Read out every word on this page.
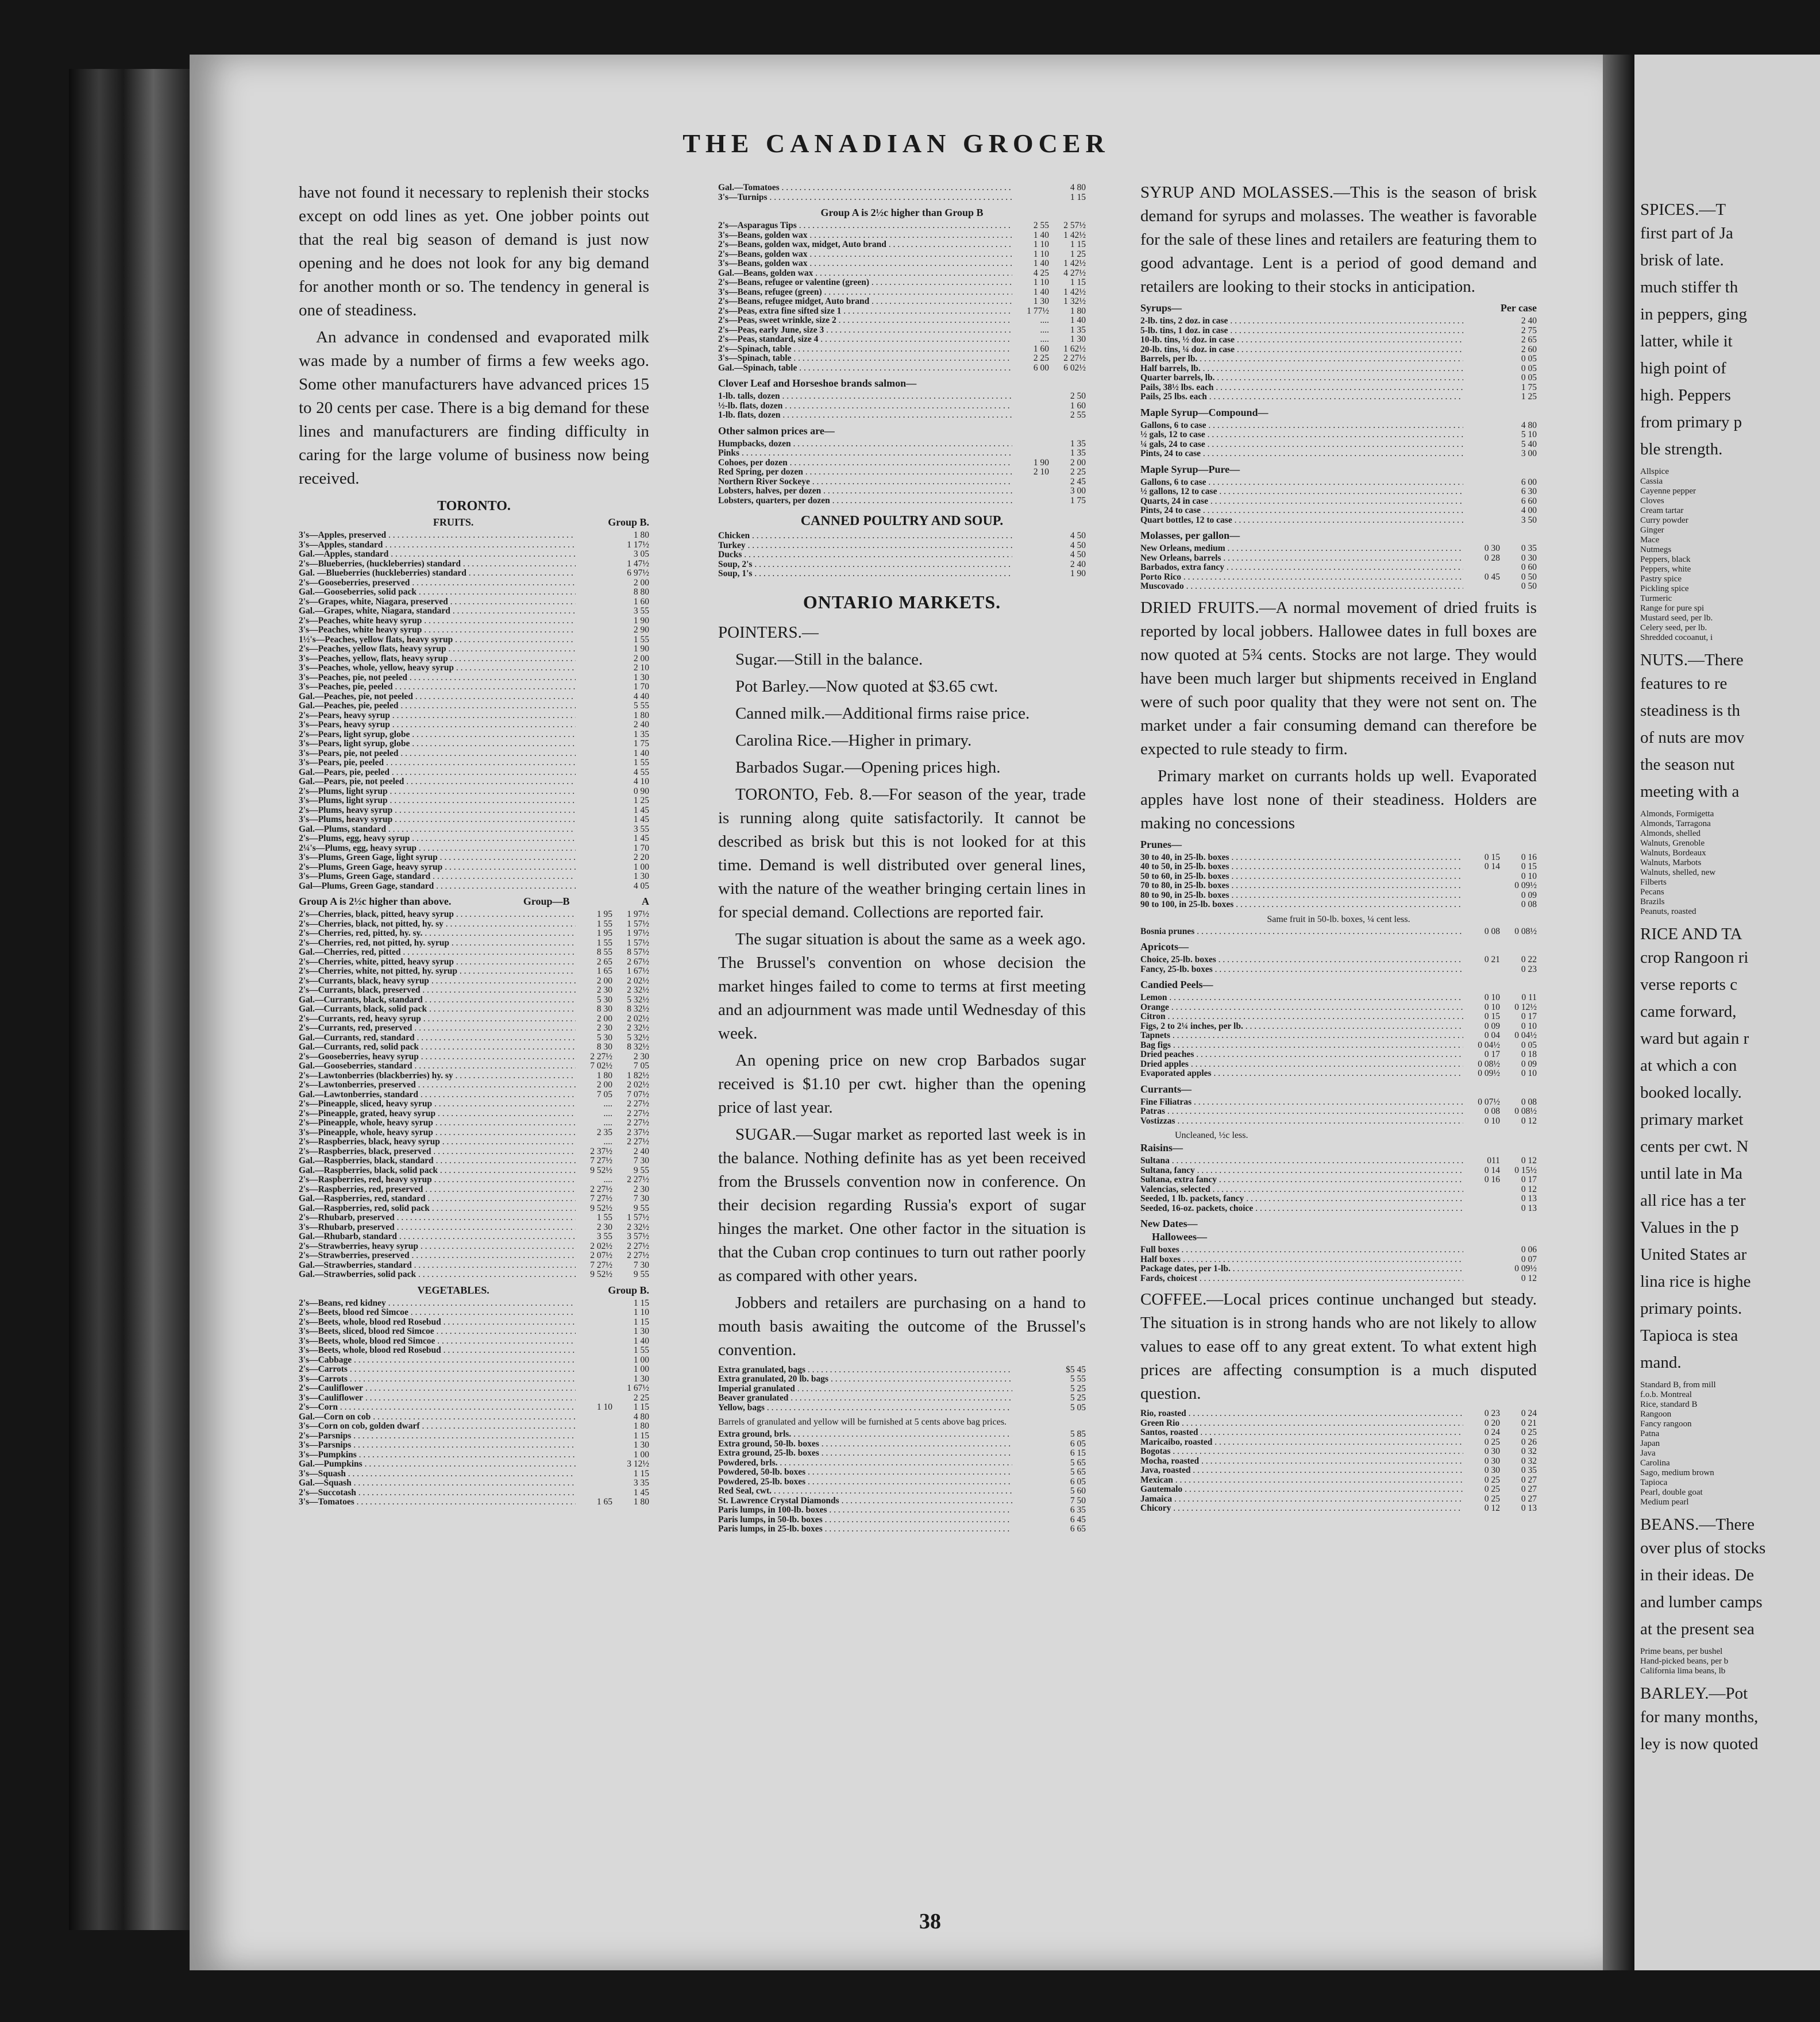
THE CANADIAN GROCER

have not found it necessary to replenish their stocks except on odd lines as yet. One jobber points out that the real big season of demand is just now opening and he does not look for any big demand for another month or so. The tendency in general is one of steadiness.

An advance in condensed and evaporated milk was made by a number of firms a few weeks ago. Some other manufacturers have advanced prices 15 to 20 cents per case. There is a big demand for these lines and manufacturers are finding difficulty in caring for the large volume of business now being received.

TORONTO.
FRUITS.	Group B.
3's—Apples, preserved . . .		1 80
3's—Apples, standard . . .		1 17½
Gal.—Apples, standard . . .		3 05
2's—Blueberries, (huckleberries) standard . . .		1 47½
Gal. —Blueberries (huckleberries) standard . . .		6 97½
2's—Gooseberries, preserved . . .		2 00
Gal.—Gooseberries, solid pack . . .		8 80
2's—Grapes, white, Niagara, preserved . . .		1 60
Gal.—Grapes, white, Niagara, standard . . .		3 55
2's—Peaches, white heavy syrup . . .		1 90
3's—Peaches, white heavy syrup . . .		2 90
1½'s—Peaches, yellow flats, heavy syrup . . .		1 55
2's—Peaches, yellow flats, heavy syrup . . .		1 90
3's—Peaches, yellow, flats, heavy syrup . . .		2 00
3's—Peaches, whole, yellow, heavy syrup . . .		2 10
3's—Peaches, pie, not peeled . . .		1 30
3's—Peaches, pie, peeled . . .		1 70
Gal.—Peaches, pie, not peeled . . .		4 40
Gal.—Peaches, pie, peeled . . .		5 55
2's—Pears, heavy syrup . . .		1 80
3's—Pears, heavy syrup . . .		2 40
2's—Pears, light syrup, globe . . .		1 35
3's—Pears, light syrup, globe . . .		1 75
3's—Pears, pie, not peeled . . .		1 40
3's—Pears, pie, peeled . . .		1 55
Gal.—Pears, pie, peeled . . .		4 55
Gal.—Pears, pie, not peeled . . .		4 10
2's—Plums, light syrup . . .		0 90
3's—Plums, light syrup . . .		1 25
2's—Plums, heavy syrup . . .		1 45
3's—Plums, heavy syrup . . .		1 45
Gal.—Plums, standard . . .		3 55
2's—Plums, egg, heavy syrup . . .		1 45
2¼'s—Plums, egg, heavy syrup . . .		1 70
3's—Plums, Green Gage, light syrup . . .		2 20
2's—Plums, Green Gage, heavy syrup . . .		1 00
3's—Plums, Green Gage, standard . . .		1 30
Gal—Plums, Green Gage, standard . . .		4 05
Group A is 2½c higher than above.	Group—B	A
2's—Cherries, black, pitted, heavy syrup . . .	1 95	1 97½
2's—Cherries, black, not pitted, hy. sy . . .	1 55	1 57½
2's—Cherries, red, pitted, hy. sy. . . .	1 95	1 97½
2's—Cherries, red, not pitted, hy. syrup . . .	1 55	1 57½
Gal.—Cherries, red, pitted . . .	8 55	8 57½
2's—Cherries, white, pitted, heavy syrup . . .	2 65	2 67½
2's—Cherries, white, not pitted, hy. syrup . . .	1 65	1 67½
2's—Currants, black, heavy syrup . . .	2 00	2 02½
2's—Currants, black, preserved . . .	2 30	2 32½
Gal.—Currants, black, standard . . .	5 30	5 32½
Gal.—Currants, black, solid pack . . .	8 30	8 32½
2's—Currants, red, heavy syrup . . .	2 00	2 02½
2's—Currants, red, preserved . . .	2 30	2 32½
Gal.—Currants, red, standard . . .	5 30	5 32½
Gal.—Currants, red, solid pack . . .	8 30	8 32½
2's—Gooseberries, heavy syrup . . .	2 27½	2 30
Gal.—Gooseberries, standard . . .	7 02½	7 05
2's—Lawtonberries (blackberries) hy. sy . . .	1 80	1 82½
2's—Lawtonberries, preserved . . .	2 00	2 02½
Gal.—Lawtonberries, standard . . .	7 05	7 07½
2's—Pineapple, sliced, heavy syrup . . .	....	2 27½
2's—Pineapple, grated, heavy syrup . . .	....	2 27½
2's—Pineapple, whole, heavy syrup . . .	....	2 27½
3's—Pineapple, whole, heavy syrup . . .	2 35	2 37½
2's—Raspberries, black, heavy syrup . . .	....	2 27½
2's—Raspberries, black, preserved . . .	2 37½	2 40
Gal.—Raspberries, black, standard . . .	7 27½	7 30
Gal.—Raspberries, black, solid pack . . .	9 52½	9 55
2's—Raspberries, red, heavy syrup . . .	....	2 27½
2's—Raspberries, red, preserved . . .	2 27½	2 30
Gal.—Raspberries, red, standard . . .	7 27½	7 30
Gal.—Raspberries, red, solid pack . . .	9 52½	9 55
2's—Rhubarb, preserved . . .	1 55	1 57½
3's—Rhubarb, preserved . . .	2 30	2 32½
Gal.—Rhubarb, standard . . .	3 55	3 57½
2's—Strawberries, heavy syrup . . .	2 02½	2 27½
2's—Strawberries, preserved . . .	2 07½	2 27½
Gal.—Strawberries, standard . . .	7 27½	7 30
Gal.—Strawberries, solid pack . . .	9 52½	9 55
VEGETABLES.	Group B.
2's—Beans, red kidney . . .		1 15
2's—Beets, blood red Simcoe . . .		1 10
2's—Beets, whole, blood red Rosebud . . .		1 15
3's—Beets, sliced, blood red Simcoe . . .		1 30
3's—Beets, whole, blood red Simcoe . . .		1 40
3's—Beets, whole, blood red Rosebud . . .		1 55
3's—Cabbage . . .		1 00
2's—Carrots . . .		1 00
3's—Carrots . . .		1 30
2's—Cauliflower . . .		1 67½
3's—Cauliflower . . .		2 25
2's—Corn . . .	1 10	1 15
Gal.—Corn on cob . . .		4 80
3's—Corn on cob, golden dwarf . . .		1 80
2's—Parsnips . . .		1 15
3's—Parsnips . . .		1 30
3's—Pumpkins . . .		1 00
Gal.—Pumpkins . . .		3 12½
3's—Squash . . .		1 15
Gal.—Squash . . .		3 35
2's—Succotash . . .		1 45
3's—Tomatoes . . .	1 65	1 80
Gal.—Tomatoes . . .		4 80
3's—Turnips . . .		1 15
Group A is 2½c higher than Group B
2's—Asparagus Tips . . .	2 55	2 57½
3's—Beans, golden wax . . .	1 40	1 42½
2's—Beans, golden wax, midget, Auto brand . . .	1 10	1 15
2's—Beans, golden wax . . .	1 10	1 25
3's—Beans, golden wax . . .	1 40	1 42½
Gal.—Beans, golden wax . . .	4 25	4 27½
2's—Beans, refugee or valentine (green) . . .	1 10	1 15
3's—Beans, refugee (green) . . .	1 40	1 42½
2's—Beans, refugee midget, Auto brand . . .	1 30	1 32½
2's—Peas, extra fine sifted size 1 . . .	1 77½	1 80
2's—Peas, sweet wrinkle, size 2 . . .	....	1 40
2's—Peas, early June, size 3 . . .	....	1 35
2's—Peas, standard, size 4 . . .	....	1 30
2's—Spinach, table . . .	1 60	1 62½
3's—Spinach, table . . .	2 25	2 27½
Gal.—Spinach, table . . .	6 00	6 02½
Clover Leaf and Horseshoe brands salmon—
1-lb. talls, dozen . . .		2 50
½-lb. flats, dozen . . .		1 60
1-lb. flats, dozen . . .		2 55
Other salmon prices are—
Humpbacks, dozen . . .		1 35
Pinks . . .		1 35
Cohoes, per dozen . . .	1 90	2 00
Red Spring, per dozen . . .	2 10	2 25
Northern River Sockeye . . .		2 45
Lobsters, halves, per dozen . . .		3 00
Lobsters, quarters, per dozen . . .		1 75
CANNED POULTRY AND SOUP.
Chicken . . .		4 50
Turkey . . .		4 50
Ducks . . .		4 50
Soup, 2's . . .		2 40
Soup, 1's . . .		1 90
ONTARIO MARKETS.
POINTERS.—

Sugar.—Still in the balance.

Pot Barley.—Now quoted at $3.65 cwt.

Canned milk.—Additional firms raise price.

Carolina Rice.—Higher in primary.

Barbados Sugar.—Opening prices high.

TORONTO, Feb. 8.—For season of the year, trade is running along quite satisfactorily. It cannot be described as brisk but this is not looked for at this time. Demand is well distributed over general lines, with the nature of the weather bringing certain lines in for special demand. Collections are reported fair.

The sugar situation is about the same as a week ago. The Brussel's convention on whose decision the market hinges failed to come to terms at first meeting and an adjournment was made until Wednesday of this week.

An opening price on new crop Barbados sugar received is $1.10 per cwt. higher than the opening price of last year.

SUGAR.—Sugar market as reported last week is in the balance. Nothing definite has as yet been received from the Brussels convention now in conference. On their decision regarding Russia's export of sugar hinges the market. One other factor in the situation is that the Cuban crop continues to turn out rather poorly as compared with other years.

Jobbers and retailers are purchasing on a hand to mouth basis awaiting the outcome of the Brussel's convention.

Extra granulated, bags . . .		$5 45
Extra granulated, 20 lb. bags . . .		5 55
Imperial granulated . . .		5 25
Beaver granulated . . .		5 25
Yellow, bags . . .		5 05
Barrels of granulated and yellow will be furnished at 5 cents above bag prices.
Extra ground, brls. . . .		5 85
Extra ground, 50-lb. boxes . . .		6 05
Extra ground, 25-lb. boxes . . .		6 15
Powdered, brls. . . .		5 65
Powdered, 50-lb. boxes . . .		5 65
Powdered, 25-lb. boxes . . .		6 05
Red Seal, cwt. . . .		5 60
St. Lawrence Crystal Diamonds . . .		7 50
Paris lumps, in 100-lb. boxes . . .		6 35
Paris lumps, in 50-lb. boxes . . .		6 45
Paris lumps, in 25-lb. boxes . . .		6 65

SYRUP AND MOLASSES.—This is the season of brisk demand for syrups and molasses. The weather is favorable for the sale of these lines and retailers are featuring them to good advantage. Lent is a period of good demand and retailers are looking to their stocks in anticipation.

Syrups—	Per case
2-lb. tins, 2 doz. in case . . .		2 40
5-lb. tins, 1 doz. in case . . .		2 75
10-lb. tins, ½ doz. in case . . .		2 65
20-lb. tins, ¼ doz. in case . . .		2 60
Barrels, per lb. . . .		0 05
Half barrels, lb. . . .		0 05
Quarter barrels, lb. . . .		0 05
Pails, 38½ lbs. each . . .		1 75
Pails, 25 lbs. each . . .		1 25
Maple Syrup—Compound—
Gallons, 6 to case . . .		4 80
½ gals, 12 to case . . .		5 10
¼ gals, 24 to case . . .		5 40
Pints, 24 to case . . .		3 00
Maple Syrup—Pure—
Gallons, 6 to case . . .		6 00
½ gallons, 12 to case . . .		6 30
Quarts, 24 in case . . .		6 60
Pints, 24 to case . . .		4 00
Quart bottles, 12 to case . . .		3 50
Molasses, per gallon—
New Orleans, medium . . .	0 30	0 35
New Orleans, barrels . . .	0 28	0 30
Barbados, extra fancy . . .		0 60
Porto Rico . . .	0 45	0 50
Muscovado . . .		0 50

DRIED FRUITS.—A normal movement of dried fruits is reported by local jobbers. Hallowee dates in full boxes are now quoted at 5¾ cents. Stocks are not large. They would have been much larger but shipments received in England were of such poor quality that they were not sent on. The market under a fair consuming demand can therefore be expected to rule steady to firm.

Primary market on currants holds up well. Evaporated apples have lost none of their steadiness. Holders are making no concessions

Prunes—
30 to 40, in 25-lb. boxes . . .	0 15	0 16
40 to 50, in 25-lb. boxes . . .	0 14	0 15
50 to 60, in 25-lb. boxes . . .		0 10
70 to 80, in 25-lb. boxes . . .		0 09½
80 to 90, in 25-lb. boxes . . .		0 09
90 to 100, in 25-lb. boxes . . .		0 08
Same fruit in 50-lb. boxes, ¼ cent less.
Bosnia prunes . . .	0 08	0 08½
Apricots—
Choice, 25-lb. boxes . . .	0 21	0 22
Fancy, 25-lb. boxes . . .		0 23
Candied Peels—
Lemon . . .	0 10	0 11
Orange . . .	0 10	0 12½
Citron . . .	0 15	0 17
Figs, 2 to 2¼ inches, per lb. . . .	0 09	0 10
Tapnets . . .	0 04	0 04½
Bag figs . . .	0 04½	0 05
Dried peaches . . .	0 17	0 18
Dried apples . . .	0 08½	0 09
Evaporated apples . . .	0 09½	0 10
Currants—
Fine Filiatras . . .	0 07½	0 08
Patras . . .	0 08	0 08½
Vostizzas . . .	0 10	0 12
Uncleaned, ½c less.
Raisins—
Sultana . . .	011	0 12
Sultana, fancy . . .	0 14	0 15½
Sultana, extra fancy . . .	0 16	0 17
Valencias, selected . . .		0 12
Seeded, 1 lb. packets, fancy . . .		0 13
Seeded, 16-oz. packets, choice . . .		0 13
New Dates—
Hallowees—
Full boxes . . .		0 06
Half boxes . . .		0 07
Package dates, per 1-lb. . . .		0 09½
Fards, choicest . . .		0 12

COFFEE.—Local prices continue unchanged but steady. The situation is in strong hands who are not likely to allow values to ease off to any great extent. To what extent high prices are affecting consumption is a much disputed question.

Rio, roasted . . .	0 23	0 24
Green Rio . . .	0 20	0 21
Santos, roasted . . .	0 24	0 25
Maricaibo, roasted . . .	0 25	0 26
Bogotas . . .	0 30	0 32
Mocha, roasted . . .	0 30	0 32
Java, roasted . . .	0 30	0 35
Mexican . . .	0 25	0 27
Gautemalo . . .	0 25	0 27
Jamaica . . .	0 25	0 27
Chicory . . .	0 12	0 13
38
SPICES.—T
first part of Ja
brisk of late.
much stiffer th
in peppers, ging
latter, while it
high point of
high. Peppers
from primary p
ble strength.
Allspice
Cassia
Cayenne pepper
Cloves
Cream tartar
Curry powder
Ginger
Mace
Nutmegs
Peppers, black
Peppers, white
Pastry spice
Pickling spice
Turmeric
Range for pure spi
Mustard seed, per lb.
Celery seed, per lb.
Shredded cocoanut, i
NUTS.—There
features to re
steadiness is th
of nuts are mov
the season nut
meeting with a
Almonds, Formigetta
Almonds, Tarragona
Almonds, shelled
Walnuts, Grenoble
Walnuts, Bordeaux
Walnuts, Marbots
Walnuts, shelled, new
Filberts
Pecans
Brazils
Peanuts, roasted
RICE AND TA
crop Rangoon ri
verse reports c
came forward,
ward but again r
at which a con
booked locally.
primary market
cents per cwt. N
until late in Ma
all rice has a ter
Values in the p
United States ar
lina rice is highe
primary points.
Tapioca is stea
mand.
Standard B, from mill
f.o.b. Montreal
Rice, standard B
Rangoon
Fancy rangoon
Patna
Japan
Java
Carolina
Sago, medium brown
Tapioca
Pearl, double goat
Medium pearl
BEANS.—There
over plus of stocks
in their ideas. De
and lumber camps
at the present sea
Prime beans, per bushel
Hand-picked beans, per b
California lima beans, lb
BARLEY.—Pot
for many months,
ley is now quoted
